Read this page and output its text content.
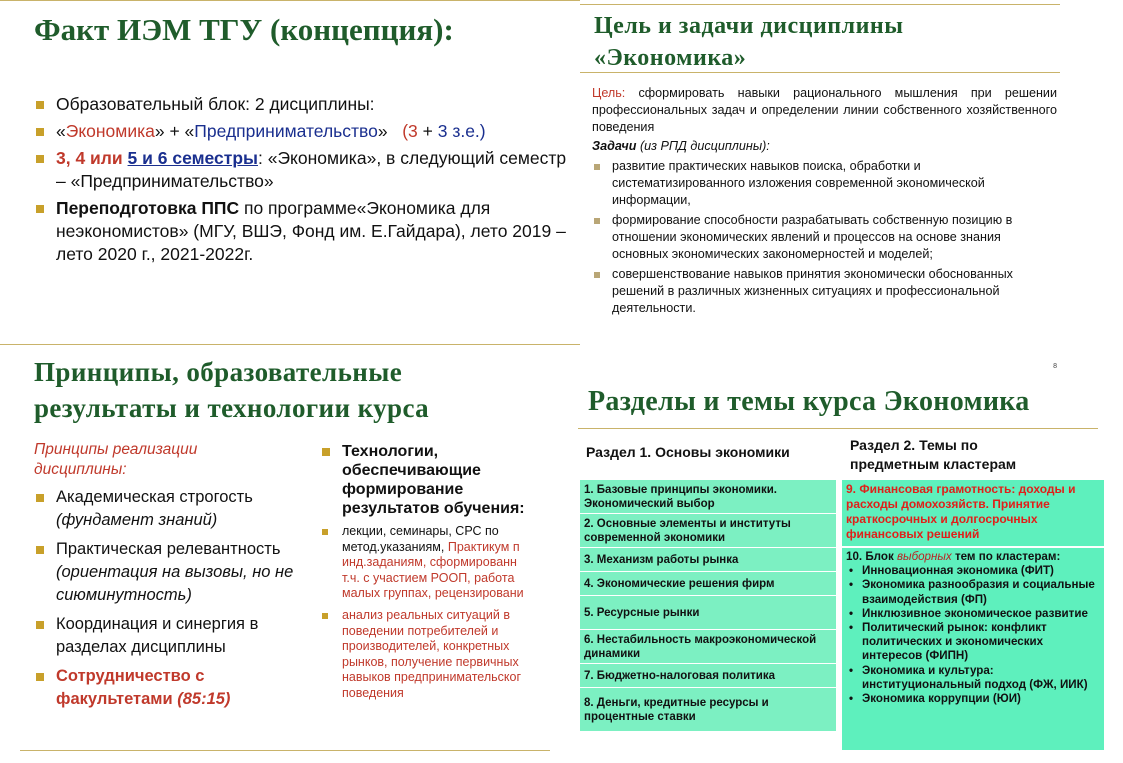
Факт ИЭМ ТГУ (концепция):
Образовательный блок: 2 дисциплины:
«Экономика» + «Предпринимательство» (3 + 3 з.е.)
3, 4 или 5 и 6 семестры: «Экономика», в следующий семестр – «Предпринимательство»
Переподготовка ППС по программе«Экономика для неэкономистов» (МГУ, ВШЭ, Фонд им. Е.Гайдара), лето 2019 –лето 2020 г., 2021-2022г.
Цель и задачи дисциплины
«Экономика»
Цель: сформировать навыки рационального мышления при решении профессиональных задач и определении линии собственного хозяйственного поведения
Задачи (из РПД дисциплины):
развитие практических навыков поиска, обработки и систематизированного изложения современной экономической информации,
формирование способности разрабатывать собственную позицию в отношении экономических явлений и процессов на основе знания основных экономических закономерностей и моделей;
совершенствование навыков принятия экономически обоснованных решений в различных жизненных ситуациях и профессиональной деятельности.
8
Принципы, образовательные
результаты и технологии курса
Принципы реализации дисциплины:
Академическая строгость
(фундамент знаний)
Практическая релевантность
(ориентация на вызовы, но не сиюминутность)
Координация и синергия в разделах дисциплины
Сотрудничество с факультетами (85:15)
Технологии, обеспечивающие формирование результатов обучения:
лекции, семинары, СРС по
метод.указаниям, Практикум п
инд.заданиям, сформированн
т.ч. с участием РООП, работа
малых группах, рецензировани
анализ реальных ситуаций в
поведении потребителей и
производителей, конкретных
рынков, получение первичных
навыков предпринимательског
поведения
Разделы и темы курса Экономика
Раздел 1. Основы экономики	Раздел 2. Темы по
предметным кластерам
1. Базовые принципы экономики. Экономический выбор
2. Основные элементы и институты современной экономики
3. Механизм работы рынка
4. Экономические решения фирм
5. Ресурсные рынки
6. Нестабильность макроэкономической динамики
7. Бюджетно-налоговая политика
8. Деньги, кредитные ресурсы и процентные ставки
9. Финансовая грамотность: доходы и расходы домохозяйств. Принятие краткосрочных и долгосрочных финансовых решений
10. Блок выборных тем по кластерам:
• Инновационная экономика (ФИТ)
• Экономика разнообразия и социальные взаимодействия (ФП)
• Инклюзивное экономическое развитие
• Политический рынок: конфликт политических и экономических интересов (ФИПН)
• Экономика и культура: институциональный подход (ФЖ, ИИК)
• Экономика коррупции (ЮИ)
